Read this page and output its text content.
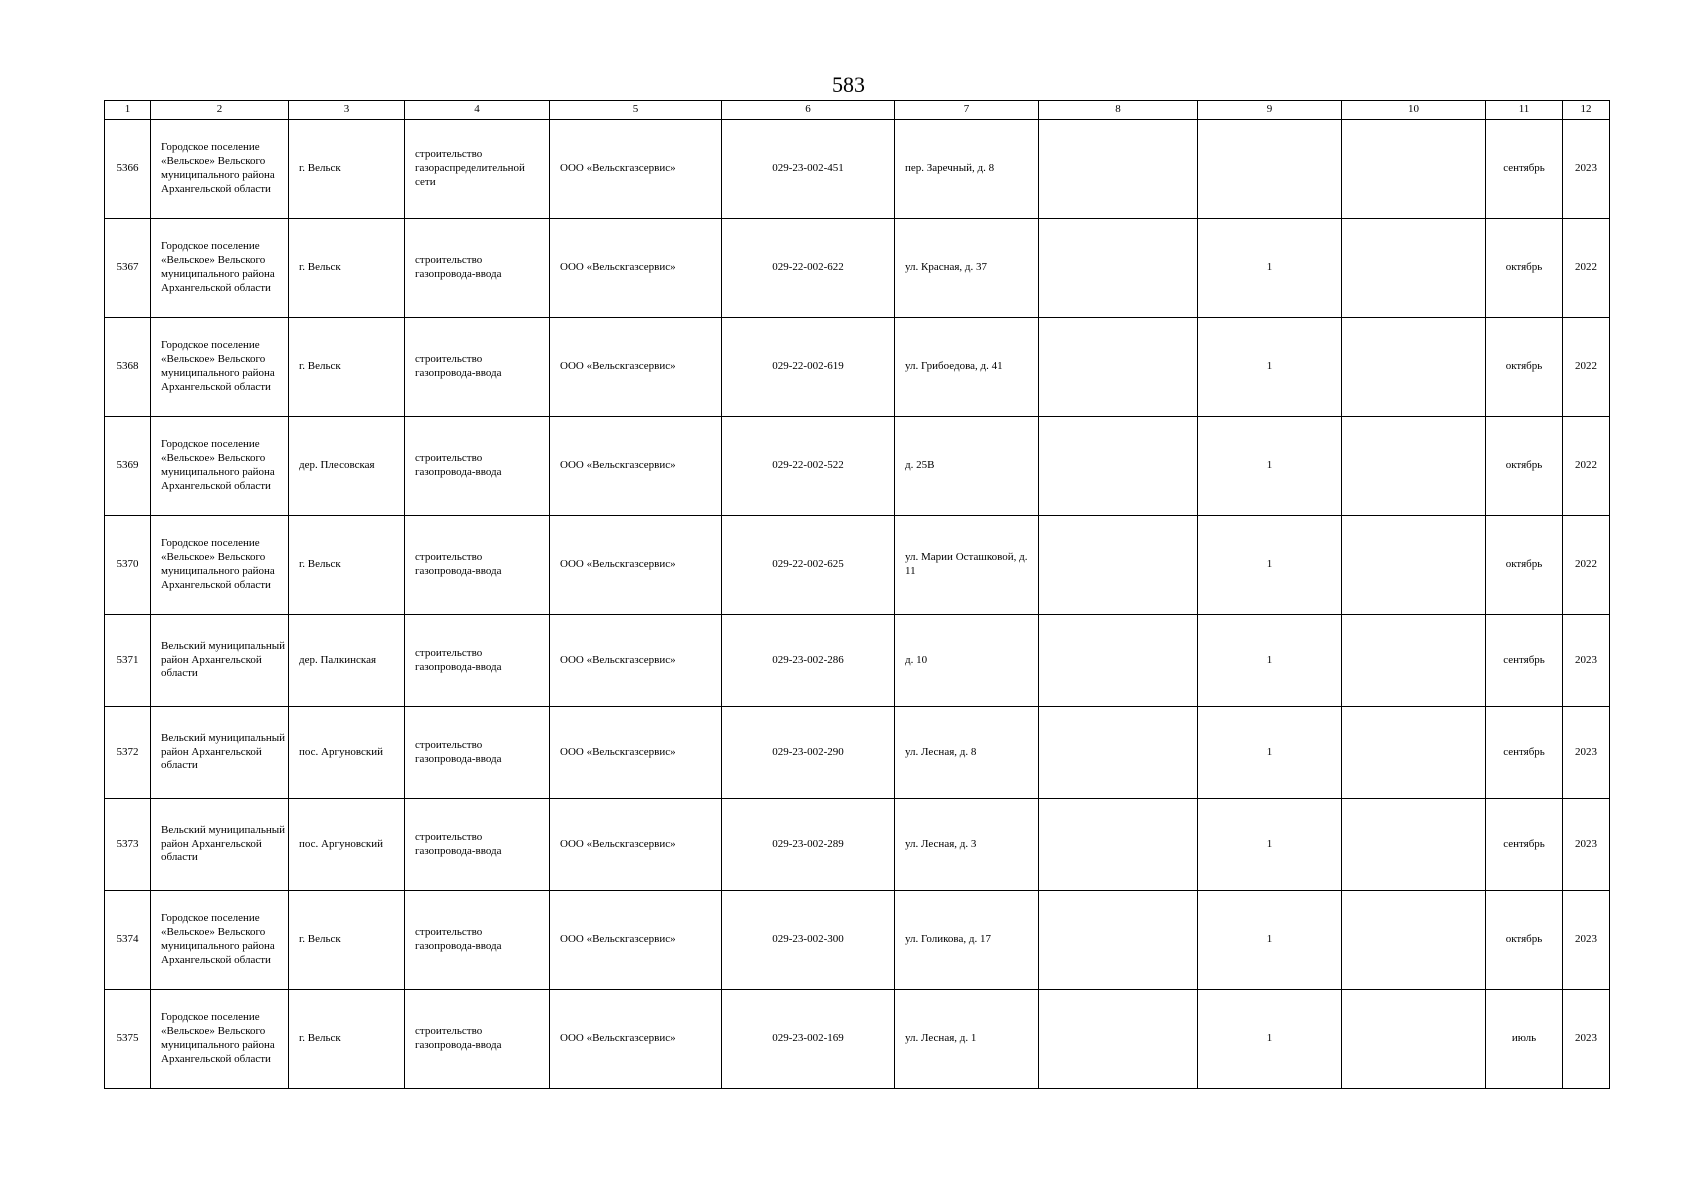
583
1	2	3	4	5	6	7	8	9	10	11	12
5366	Городское поселение «Вельское» Вельского муниципального района Архангельской области	г. Вельск	строительство газораспределительной сети	ООО «Вельскгазсервис»	029-23-002-451	пер. Заречный, д. 8				сентябрь	2023
5367	Городское поселение «Вельское» Вельского муниципального района Архангельской области	г. Вельск	строительство газопровода-ввода	ООО «Вельскгазсервис»	029-22-002-622	ул. Красная, д. 37		1		октябрь	2022
5368	Городское поселение «Вельское» Вельского муниципального района Архангельской области	г. Вельск	строительство газопровода-ввода	ООО «Вельскгазсервис»	029-22-002-619	ул. Грибоедова, д. 41		1		октябрь	2022
5369	Городское поселение «Вельское» Вельского муниципального района Архангельской области	дер. Плесовская	строительство газопровода-ввода	ООО «Вельскгазсервис»	029-22-002-522	д. 25В		1		октябрь	2022
5370	Городское поселение «Вельское» Вельского муниципального района Архангельской области	г. Вельск	строительство газопровода-ввода	ООО «Вельскгазсервис»	029-22-002-625	ул. Марии Осташковой, д. 11		1		октябрь	2022
5371	Вельский муниципальный район Архангельской области	дер. Палкинская	строительство газопровода-ввода	ООО «Вельскгазсервис»	029-23-002-286	д. 10		1		сентябрь	2023
5372	Вельский муниципальный район Архангельской области	пос. Аргуновский	строительство газопровода-ввода	ООО «Вельскгазсервис»	029-23-002-290	ул. Лесная, д. 8		1		сентябрь	2023
5373	Вельский муниципальный район Архангельской области	пос. Аргуновский	строительство газопровода-ввода	ООО «Вельскгазсервис»	029-23-002-289	ул. Лесная, д. 3		1		сентябрь	2023
5374	Городское поселение «Вельское» Вельского муниципального района Архангельской области	г. Вельск	строительство газопровода-ввода	ООО «Вельскгазсервис»	029-23-002-300	ул. Голикова, д. 17		1		октябрь	2023
5375	Городское поселение «Вельское» Вельского муниципального района Архангельской области	г. Вельск	строительство газопровода-ввода	ООО «Вельскгазсервис»	029-23-002-169	ул. Лесная, д. 1		1		июль	2023
